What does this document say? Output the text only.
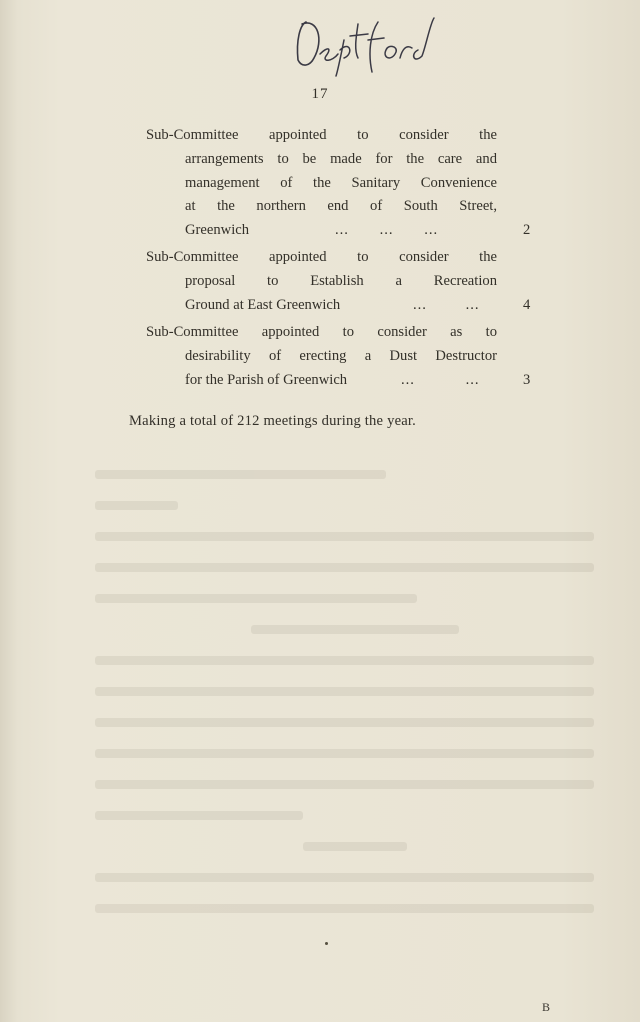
17
Sub-Committee appointed to consider the
arrangements to be made for the care and
management of the Sanitary Convenience
at the northern end of South Street,
Greenwich	... ... ...	2
Sub-Committee appointed to consider the
proposal to Establish a Recreation
Ground at East Greenwich	... ...	4
Sub-Committee appointed to consider as to
desirability of erecting a Dust Destructor
for the Parish of Greenwich	... ...	3
Making a total of 212 meetings during the year.
B
